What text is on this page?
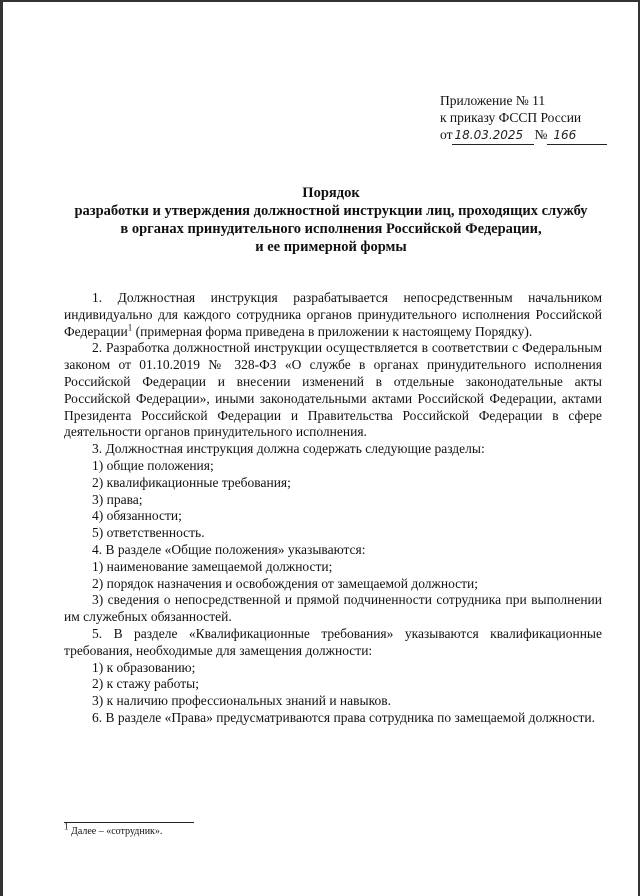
Приложение № 11
к приказу ФССП России
от 18.03.2025 № 166
Порядок
разработки и утверждения должностной инструкции лиц, проходящих службу
в органах принудительного исполнения Российской Федерации,
и ее примерной формы

1. Должностная инструкция разрабатывается непосредственным начальником индивидуально для каждого сотрудника органов принудительного исполнения Российской Федерации$^1$ (примерная форма приведена в приложении к настоящему Порядку).

2. Разработка должностной инструкции осуществляется в соответствии с Федеральным законом от 01.10.2019 № 328-ФЗ «О службе в органах принудительного исполнения Российской Федерации и внесении изменений в отдельные законодательные акты Российской Федерации», иными законодательными актами Российской Федерации, актами Президента Российской Федерации и Правительства Российской Федерации в сфере деятельности органов принудительного исполнения.

3. Должностная инструкция должна содержать следующие разделы:

1) общие положения;

2) квалификационные требования;

3) права;

4) обязанности;

5) ответственность.

4. В разделе «Общие положения» указываются:

1) наименование замещаемой должности;

2) порядок назначения и освобождения от замещаемой должности;

3) сведения о непосредственной и прямой подчиненности сотрудника при выполнении им служебных обязанностей.

5. В разделе «Квалификационные требования» указываются квалификационные требования, необходимые для замещения должности:

1) к образованию;

2) к стажу работы;

3) к наличию профессиональных знаний и навыков.

6. В разделе «Права» предусматриваются права сотрудника по замещаемой должности.

$^1$ Далее – «сотрудник».
